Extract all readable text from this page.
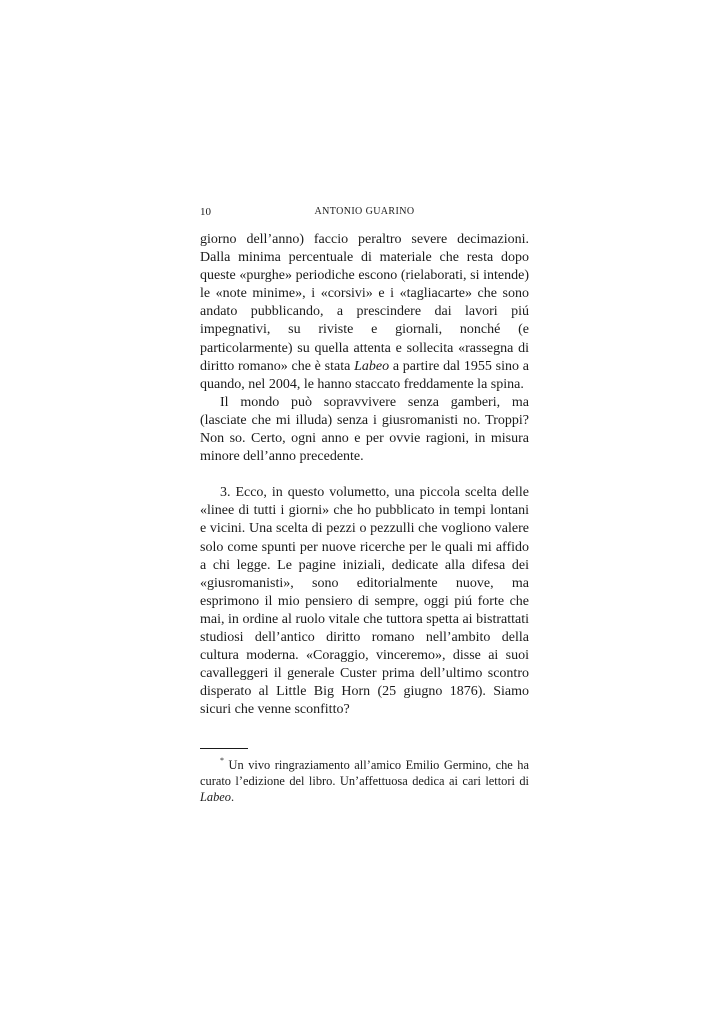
10	ANTONIO GUARINO

giorno dell’anno) faccio peraltro severe decimazioni. Dalla minima percentuale di materiale che resta dopo queste «purghe» periodiche escono (rielaborati, si intende) le «note minime», i «corsivi» e i «tagliacarte» che sono andato pubblicando, a prescindere dai lavori piú impegnativi, su riviste e giornali, nonché (e particolarmente) su quella attenta e sollecita «rassegna di diritto romano» che è stata Labeo a partire dal 1955 sino a quando, nel 2004, le hanno staccato freddamente la spina.

Il mondo può sopravvivere senza gamberi, ma (lasciate che mi illuda) senza i giusromanisti no. Troppi? Non so. Certo, ogni anno e per ovvie ragioni, in misura minore dell’anno precedente.

3. Ecco, in questo volumetto, una piccola scelta delle «linee di tutti i giorni» che ho pubblicato in tempi lontani e vicini. Una scelta di pezzi o pezzulli che vogliono valere solo come spunti per nuove ricerche per le quali mi affido a chi legge. Le pagine iniziali, dedicate alla difesa dei «giusromanisti», sono editorialmente nuove, ma esprimono il mio pensiero di sempre, oggi piú forte che mai, in ordine al ruolo vitale che tuttora spetta ai bistrattati studiosi dell’antico diritto romano nell’ambito della cultura moderna. «Coraggio, vinceremo», disse ai suoi cavalleggeri il generale Custer prima dell’ultimo scontro disperato al Little Big Horn (25 giugno 1876). Siamo sicuri che venne sconfitto?

* Un vivo ringraziamento all’amico Emilio Germino, che ha curato l’edizione del libro. Un’affettuosa dedica ai cari lettori di Labeo.
